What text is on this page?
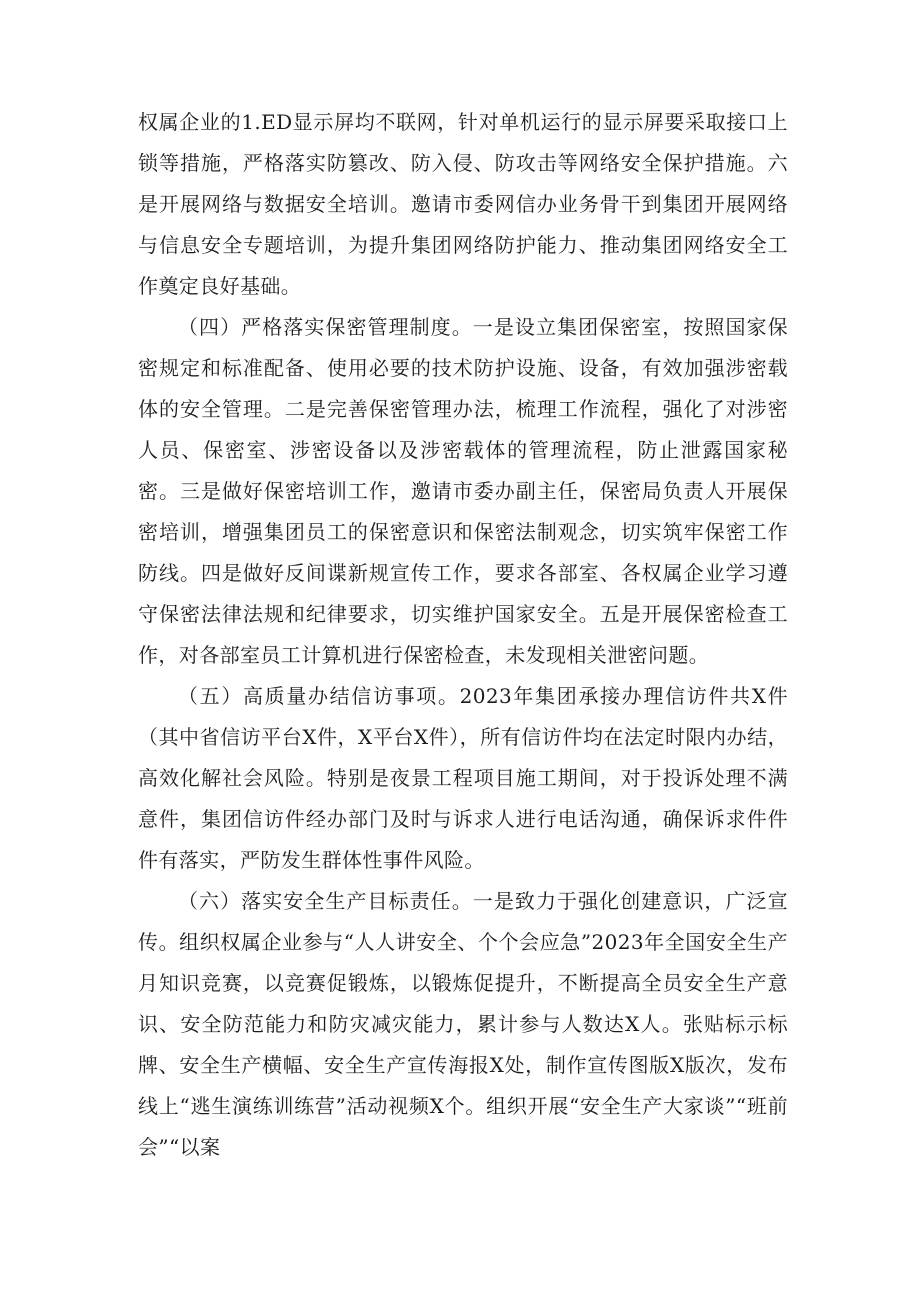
权属企业的1.ED显示屏均不联网，针对单机运行的显示屏要采取接口上锁等措施，严格落实防篡改、防入侵、防攻击等网络安全保护措施。六是开展网络与数据安全培训。邀请市委网信办业务骨干到集团开展网络与信息安全专题培训，为提升集团网络防护能力、推动集团网络安全工作奠定良好基础。

（四）严格落实保密管理制度。一是设立集团保密室，按照国家保密规定和标准配备、使用必要的技术防护设施、设备，有效加强涉密载体的安全管理。二是完善保密管理办法，梳理工作流程，强化了对涉密人员、保密室、涉密设备以及涉密载体的管理流程，防止泄露国家秘密。三是做好保密培训工作，邀请市委办副主任，保密局负责人开展保密培训，增强集团员工的保密意识和保密法制观念，切实筑牢保密工作防线。四是做好反间谍新规宣传工作，要求各部室、各权属企业学习遵守保密法律法规和纪律要求，切实维护国家安全。五是开展保密检查工作，对各部室员工计算机进行保密检查，未发现相关泄密问题。

（五）高质量办结信访事项。2023年集团承接办理信访件共X件（其中省信访平台X件，X平台X件），所有信访件均在法定时限内办结，高效化解社会风险。特别是夜景工程项目施工期间，对于投诉处理不满意件，集团信访件经办部门及时与诉求人进行电话沟通，确保诉求件件件有落实，严防发生群体性事件风险。

（六）落实安全生产目标责任。一是致力于强化创建意识，广泛宣传。组织权属企业参与“人人讲安全、个个会应急”2023年全国安全生产月知识竞赛，以竞赛促锻炼，以锻炼促提升，不断提高全员安全生产意识、安全防范能力和防灾减灾能力，累计参与人数达X人。张贴标示标牌、安全生产横幅、安全生产宣传海报X处，制作宣传图版X版次，发布线上“逃生演练训练营”活动视频X个。组织开展“安全生产大家谈”“班前会”“以案
